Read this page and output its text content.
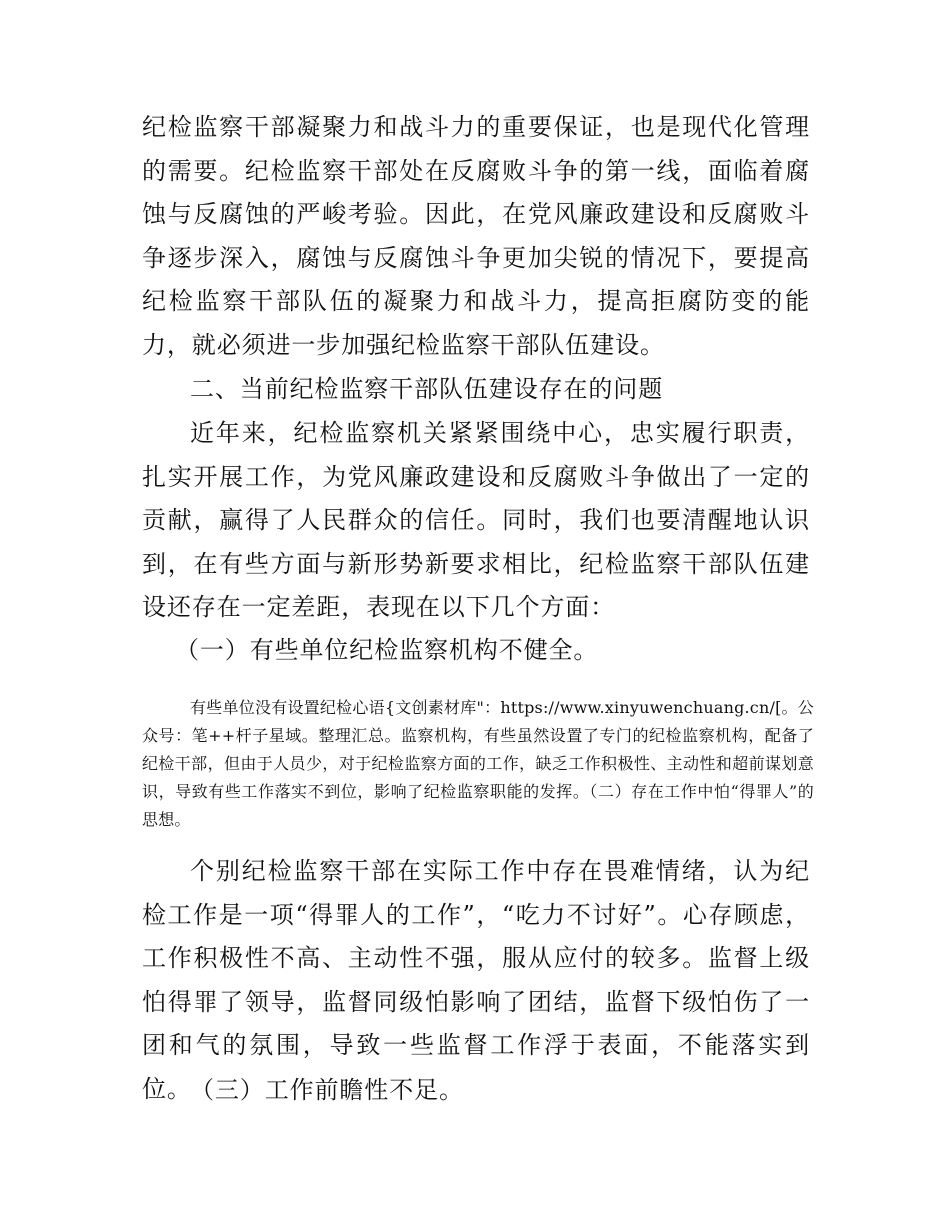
纪检监察干部凝聚力和战斗力的重要保证，也是现代化管理的需要。纪检监察干部处在反腐败斗争的第一线，面临着腐蚀与反腐蚀的严峻考验。因此，在党风廉政建设和反腐败斗争逐步深入，腐蚀与反腐蚀斗争更加尖锐的情况下，要提高纪检监察干部队伍的凝聚力和战斗力，提高拒腐防变的能力，就必须进一步加强纪检监察干部队伍建设。

二、当前纪检监察干部队伍建设存在的问题

近年来，纪检监察机关紧紧围绕中心，忠实履行职责，扎实开展工作，为党风廉政建设和反腐败斗争做出了一定的贡献，赢得了人民群众的信任。同时，我们也要清醒地认识到，在有些方面与新形势新要求相比，纪检监察干部队伍建设还存在一定差距，表现在以下几个方面：

（一）有些单位纪检监察机构不健全。

有些单位没有设置纪检心语{文创素材库"：https://www.xinyuwenchuang.cn/[。公众号：笔++杆子星域。整理汇总。监察机构，有些虽然设置了专门的纪检监察机构，配备了纪检干部，但由于人员少，对于纪检监察方面的工作，缺乏工作积极性、主动性和超前谋划意识，导致有些工作落实不到位，影响了纪检监察职能的发挥。（二）存在工作中怕“得罪人”的思想。

个别纪检监察干部在实际工作中存在畏难情绪，认为纪检工作是一项“得罪人的工作”，“吃力不讨好”。心存顾虑，工作积极性不高、主动性不强，服从应付的较多。监督上级怕得罪了领导，监督同级怕影响了团结，监督下级怕伤了一团和气的氛围，导致一些监督工作浮于表面，不能落实到位。

（三）工作前瞻性不足。
